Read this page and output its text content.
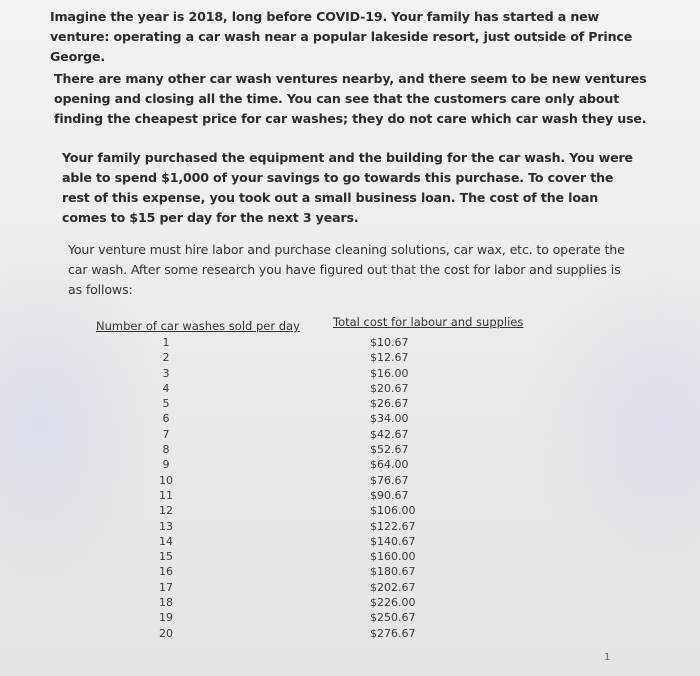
Imagine the year is 2018, long before COVID-19. Your family has started a new venture: operating a car wash near a popular lakeside resort, just outside of Prince George.
There are many other car wash ventures nearby, and there seem to be new ventures opening and closing all the time. You can see that the customers care only about finding the cheapest price for car washes; they do not care which car wash they use.
Your family purchased the equipment and the building for the car wash. You were able to spend $1,000 of your savings to go towards this purchase. To cover the rest of this expense, you took out a small business loan. The cost of the loan comes to $15 per day for the next 3 years.
Your venture must hire labor and purchase cleaning solutions, car wax, etc. to operate the car wash. After some research you have figured out that the cost for labor and supplies is as follows:
Number of car washes sold per day	Total cost for labour and supplies
1
2
3
4
5
6
7
8
9
10
11
12
13
14
15
16
17
18
19
20
$10.67
$12.67
$16.00
$20.67
$26.67
$34.00
$42.67
$52.67
$64.00
$76.67
$90.67
$106.00
$122.67
$140.67
$160.00
$180.67
$202.67
$226.00
$250.67
$276.67
1
